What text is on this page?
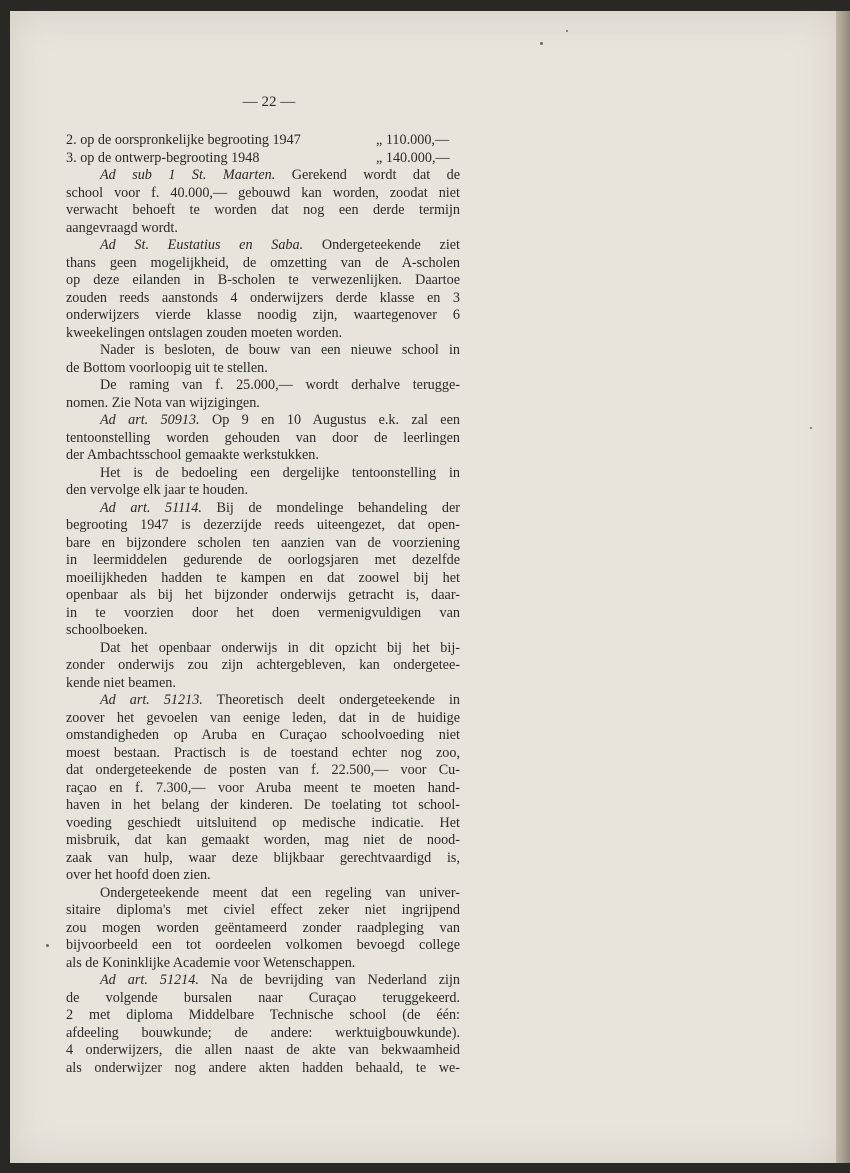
— 22 —
2. op de oorspronkelijke begrooting 1947	„ 110.000,—
3. op de ontwerp-begrooting 1948	„ 140.000,—
Ad sub 1 St. Maarten. Gerekend wordt dat de
school voor f. 40.000,— gebouwd kan worden, zoodat niet
verwacht behoeft te worden dat nog een derde termijn
aangevraagd wordt.
Ad St. Eustatius en Saba. Ondergeteekende ziet
thans geen mogelijkheid, de omzetting van de A-scholen
op deze eilanden in B-scholen te verwezenlijken. Daartoe
zouden reeds aanstonds 4 onderwijzers derde klasse en 3
onderwijzers vierde klasse noodig zijn, waartegenover 6
kweekelingen ontslagen zouden moeten worden.
Nader is besloten, de bouw van een nieuwe school in
de Bottom voorloopig uit te stellen.
De raming van f. 25.000,— wordt derhalve terugge-
nomen. Zie Nota van wijzigingen.
Ad art. 50913. Op 9 en 10 Augustus e.k. zal een
tentoonstelling worden gehouden van door de leerlingen
der Ambachtsschool gemaakte werkstukken.
Het is de bedoeling een dergelijke tentoonstelling in
den vervolge elk jaar te houden.
Ad art. 51114. Bij de mondelinge behandeling der
begrooting 1947 is dezerzijde reeds uiteengezet, dat open-
bare en bijzondere scholen ten aanzien van de voorziening
in leermiddelen gedurende de oorlogsjaren met dezelfde
moeilijkheden hadden te kampen en dat zoowel bij het
openbaar als bij het bijzonder onderwijs getracht is, daar-
in te voorzien door het doen vermenigvuldigen van
schoolboeken.
Dat het openbaar onderwijs in dit opzicht bij het bij-
zonder onderwijs zou zijn achtergebleven, kan ondergetee-
kende niet beamen.
Ad art. 51213. Theoretisch deelt ondergeteekende in
zoover het gevoelen van eenige leden, dat in de huidige
omstandigheden op Aruba en Curaçao schoolvoeding niet
moest bestaan. Practisch is de toestand echter nog zoo,
dat ondergeteekende de posten van f. 22.500,— voor Cu-
raçao en f. 7.300,— voor Aruba meent te moeten hand-
haven in het belang der kinderen. De toelating tot school-
voeding geschiedt uitsluitend op medische indicatie. Het
misbruik, dat kan gemaakt worden, mag niet de nood-
zaak van hulp, waar deze blijkbaar gerechtvaardigd is,
over het hoofd doen zien.
Ondergeteekende meent dat een regeling van univer-
sitaire diploma's met civiel effect zeker niet ingrijpend
zou mogen worden geëntameerd zonder raadpleging van
bijvoorbeeld een tot oordeelen volkomen bevoegd college
als de Koninklijke Academie voor Wetenschappen.
Ad art. 51214. Na de bevrijding van Nederland zijn
de volgende bursalen naar Curaçao teruggekeerd.
2 met diploma Middelbare Technische school (de één:
afdeeling bouwkunde; de andere: werktuigbouwkunde).
4 onderwijzers, die allen naast de akte van bekwaamheid
als onderwijzer nog andere akten hadden behaald, te we-
